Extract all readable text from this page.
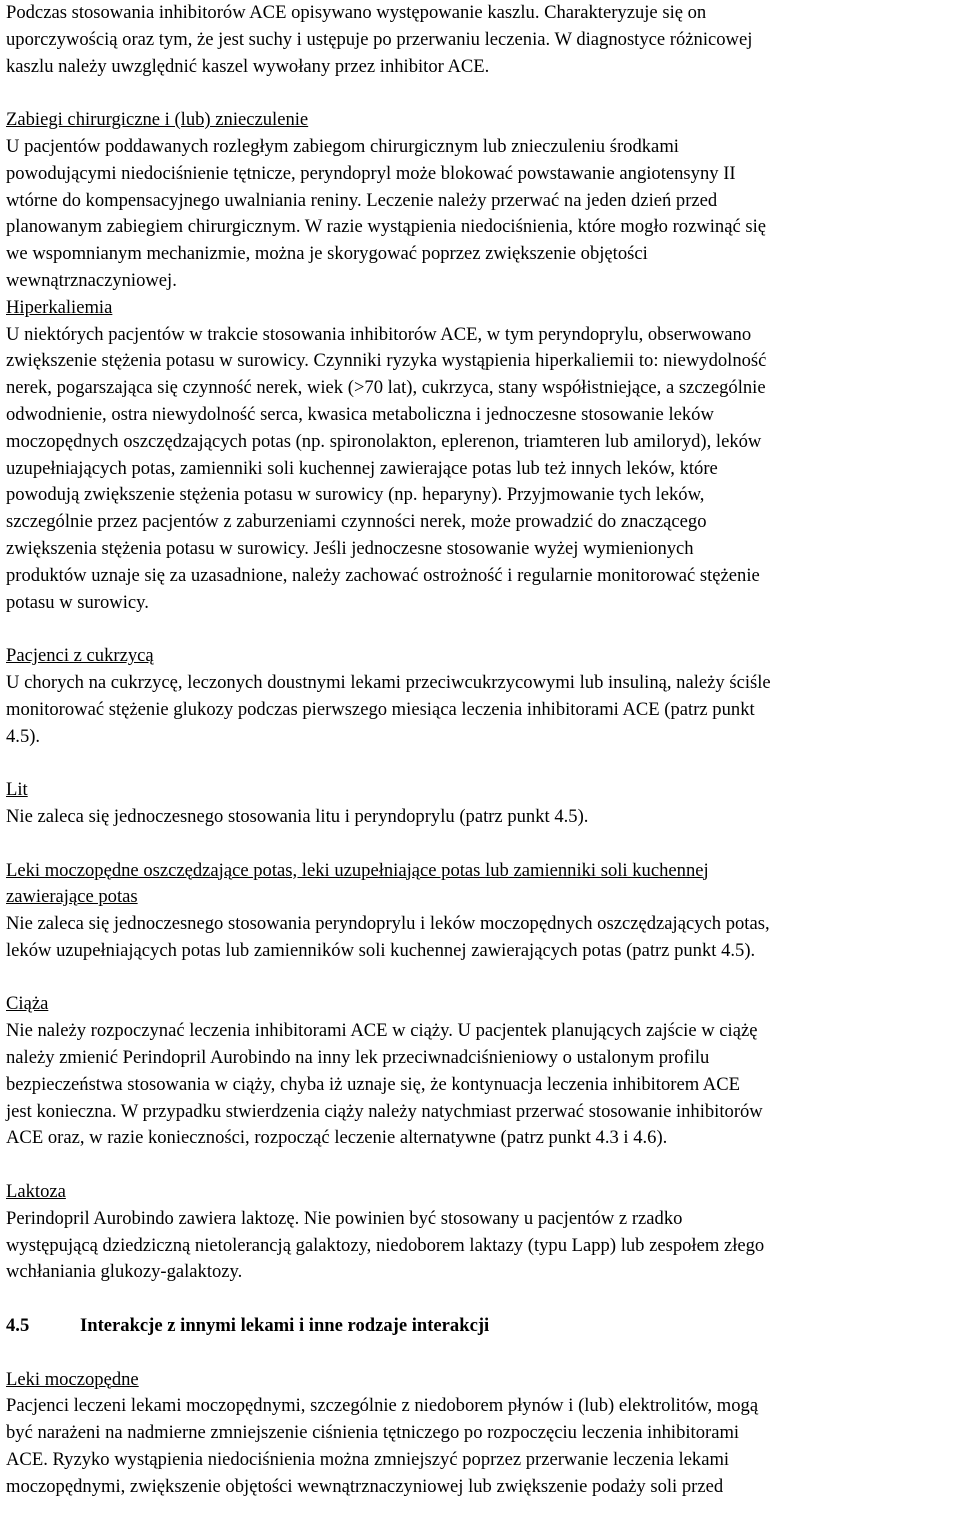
Podczas stosowania inhibitorów ACE opisywano występowanie kaszlu. Charakteryzuje się on
uporczywością oraz tym, że jest suchy i ustępuje po przerwaniu leczenia. W diagnostyce różnicowej
kaszlu należy uwzględnić kaszel wywołany przez inhibitor ACE.

Zabiegi chirurgiczne i (lub) znieczulenie

U pacjentów poddawanych rozległym zabiegom chirurgicznym lub znieczuleniu środkami
powodującymi niedociśnienie tętnicze, peryndopryl może blokować powstawanie angiotensyny II
wtórne do kompensacyjnego uwalniania reniny. Leczenie należy przerwać na jeden dzień przed
planowanym zabiegiem chirurgicznym. W razie wystąpienia niedociśnienia, które mogło rozwinąć się
we wspomnianym mechanizmie, można je skorygować poprzez zwiększenie objętości
wewnątrznaczyniowej.

Hiperkaliemia

U niektórych pacjentów w trakcie stosowania inhibitorów ACE, w tym peryndoprylu, obserwowano
zwiększenie stężenia potasu w surowicy. Czynniki ryzyka wystąpienia hiperkaliemii to: niewydolność
nerek, pogarszająca się czynność nerek, wiek (>70 lat), cukrzyca, stany współistniejące, a szczególnie
odwodnienie, ostra niewydolność serca, kwasica metaboliczna i jednoczesne stosowanie leków
moczopędnych oszczędzających potas (np. spironolakton, eplerenon, triamteren lub amiloryd), leków
uzupełniających potas, zamienniki soli kuchennej zawierające potas lub też innych leków, które
powodują zwiększenie stężenia potasu w surowicy (np. heparyny). Przyjmowanie tych leków,
szczególnie przez pacjentów z zaburzeniami czynności nerek, może prowadzić do znaczącego
zwiększenia stężenia potasu w surowicy. Jeśli jednoczesne stosowanie wyżej wymienionych
produktów uznaje się za uzasadnione, należy zachować ostrożność i regularnie monitorować stężenie
potasu w surowicy.

Pacjenci z cukrzycą

U chorych na cukrzycę, leczonych doustnymi lekami przeciwcukrzycowymi lub insuliną, należy ściśle
monitorować stężenie glukozy podczas pierwszego miesiąca leczenia inhibitorami ACE (patrz punkt
4.5).

Lit

Nie zaleca się jednoczesnego stosowania litu i peryndoprylu (patrz punkt 4.5).

Leki moczopędne oszczędzające potas, leki uzupełniające potas lub zamienniki soli kuchennej
zawierające potas

Nie zaleca się jednoczesnego stosowania peryndoprylu i leków moczopędnych oszczędzających potas,
leków uzupełniających potas lub zamienników soli kuchennej zawierających potas (patrz punkt 4.5).

Ciąża

Nie należy rozpoczynać leczenia inhibitorami ACE w ciąży. U pacjentek planujących zajście w ciążę
należy zmienić Perindopril Aurobindo na inny lek przeciwnadciśnieniowy o ustalonym profilu
bezpieczeństwa stosowania w ciąży, chyba iż uznaje się, że kontynuacja leczenia inhibitorem ACE
jest konieczna. W przypadku stwierdzenia ciąży należy natychmiast przerwać stosowanie inhibitorów
ACE oraz, w razie konieczności, rozpocząć leczenie alternatywne (patrz punkt 4.3 i 4.6).

Laktoza

Perindopril Aurobindo zawiera laktozę. Nie powinien być stosowany u pacjentów z rzadko
występującą dziedziczną nietolerancją galaktozy, niedoborem laktazy (typu Lapp) lub zespołem złego
wchłaniania glukozy-galaktozy.

4.5	Interakcje z innymi lekami i inne rodzaje interakcji
Leki moczopędne

Pacjenci leczeni lekami moczopędnymi, szczególnie z niedoborem płynów i (lub) elektrolitów, mogą
być narażeni na nadmierne zmniejszenie ciśnienia tętniczego po rozpoczęciu leczenia inhibitorami
ACE. Ryzyko wystąpienia niedociśnienia można zmniejszyć poprzez przerwanie leczenia lekami
moczopędnymi, zwiększenie objętości wewnątrznaczyniowej lub zwiększenie podaży soli przed
